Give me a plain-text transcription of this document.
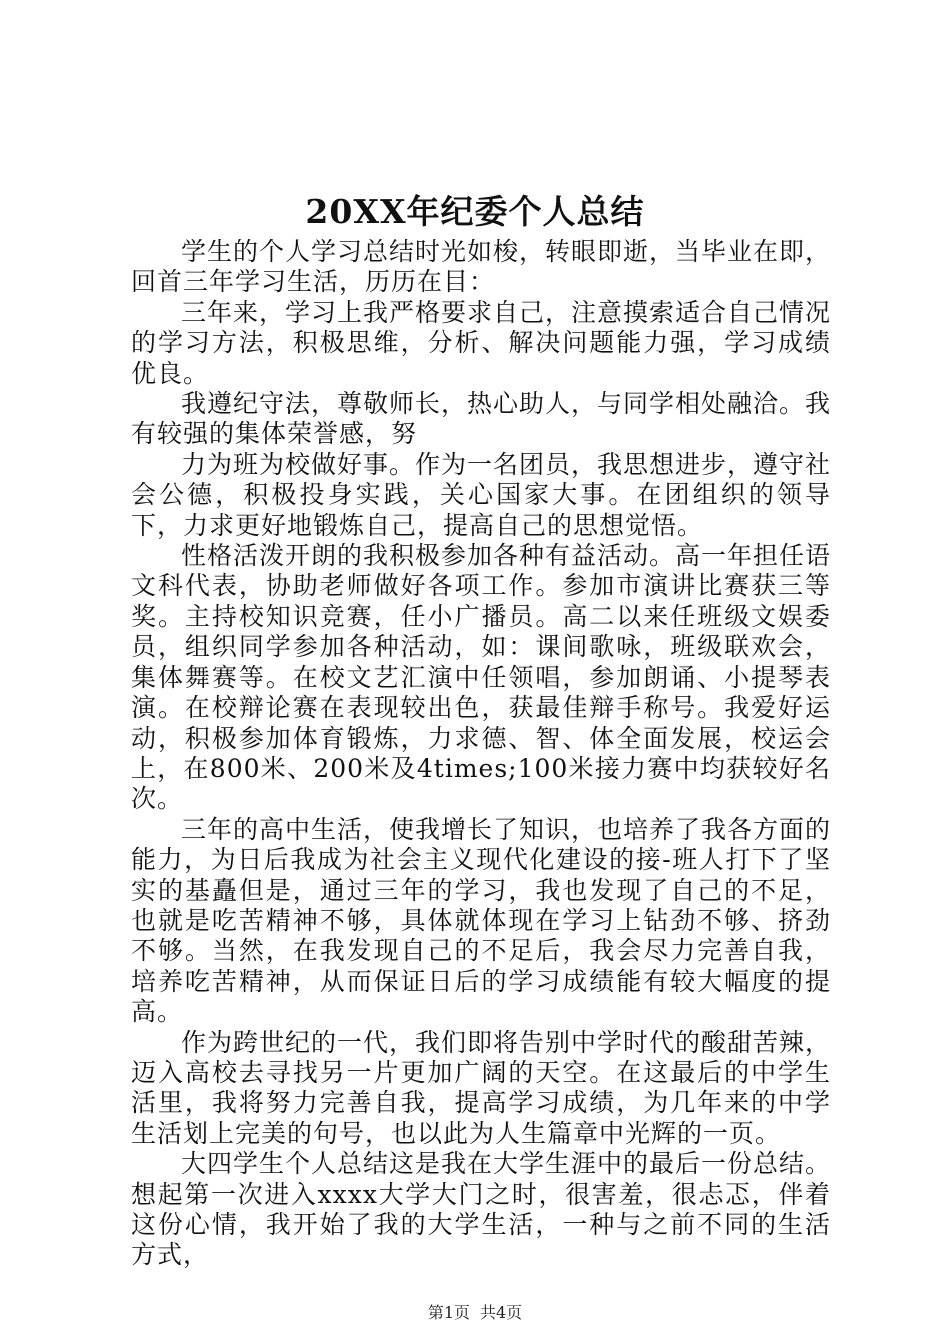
20XX年纪委个人总结

学生的个人学习总结时光如梭，转眼即逝，当毕业在即，回首三年学习生活，历历在目：

三年来，学习上我严格要求自己，注意摸索适合自己情况的学习方法，积极思维，分析、解决问题能力强，学习成绩优良。

我遵纪守法，尊敬师长，热心助人，与同学相处融洽。我有较强的集体荣誉感，努

力为班为校做好事。作为一名团员，我思想进步，遵守社会公德，积极投身实践，关心国家大事。在团组织的领导下，力求更好地锻炼自己，提高自己的思想觉悟。

性格活泼开朗的我积极参加各种有益活动。高一年担任语文科代表，协助老师做好各项工作。参加市演讲比赛获三等奖。主持校知识竞赛，任小广播员。高二以来任班级文娱委员，组织同学参加各种活动，如：课间歌咏，班级联欢会，集体舞赛等。在校文艺汇演中任领唱，参加朗诵、小提琴表演。在校辩论赛在表现较出色，获最佳辩手称号。我爱好运动，积极参加体育锻炼，力求德、智、体全面发展，校运会上，在800米、200米及4times;100米接力赛中均获较好名次。

三年的高中生活，使我增长了知识，也培养了我各方面的能力，为日后我成为社会主义现代化建设的接-班人打下了坚实的基矗但是，通过三年的学习，我也发现了自己的不足，也就是吃苦精神不够，具体就体现在学习上钻劲不够、挤劲不够。当然，在我发现自己的不足后，我会尽力完善自我，培养吃苦精神，从而保证日后的学习成绩能有较大幅度的提高。

作为跨世纪的一代，我们即将告别中学时代的酸甜苦辣，迈入高校去寻找另一片更加广阔的天空。在这最后的中学生活里，我将努力完善自我，提高学习成绩，为几年来的中学生活划上完美的句号，也以此为人生篇章中光辉的一页。

大四学生个人总结这是我在大学生涯中的最后一份总结。想起第一次进入xxxx大学大门之时，很害羞，很忐忑，伴着这份心情，我开始了我的大学生活，一种与之前不同的生活方式，

第1页 共4页
